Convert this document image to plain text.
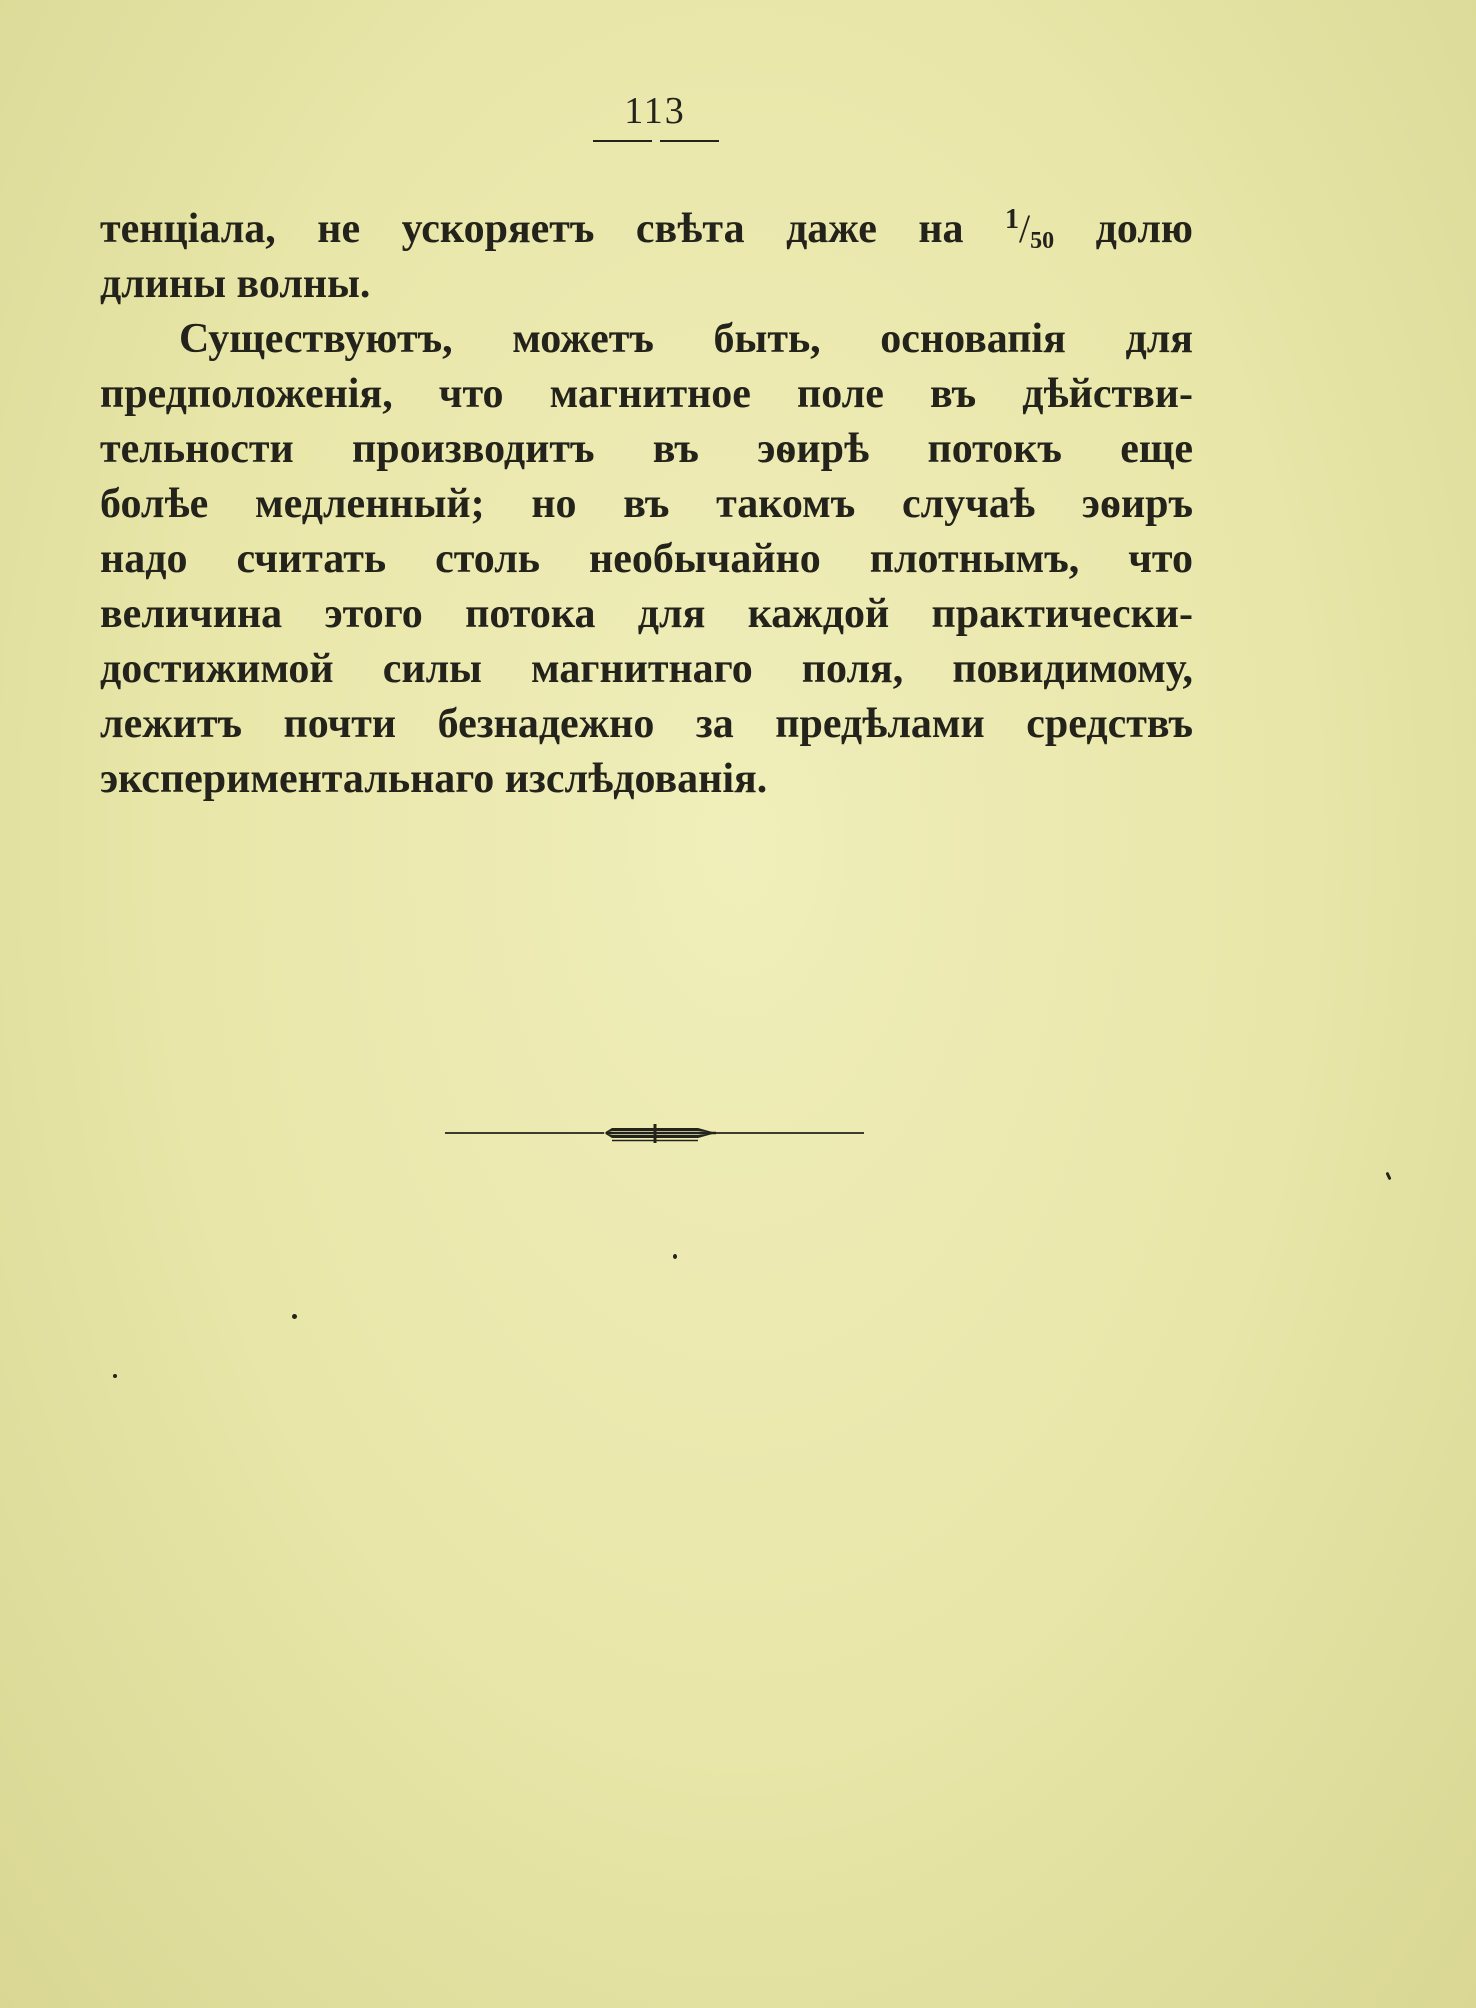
113
тенціала, не ускоряетъ свѣта даже на $^1$/50 долю
длины волны.
Существуютъ, можетъ быть, основапія для
предположенія, что магнитное поле въ дѣйстви-
тельности производитъ въ эѳирѣ потокъ еще
болѣе медленный; но въ такомъ случаѣ эѳиръ
надо считать столь необычайно плотнымъ, что
величина этого потока для каждой практически-
достижимой силы магнитнаго поля, повидимому,
лежитъ почти безнадежно за предѣлами средствъ
экспериментальнаго изслѣдованія.
